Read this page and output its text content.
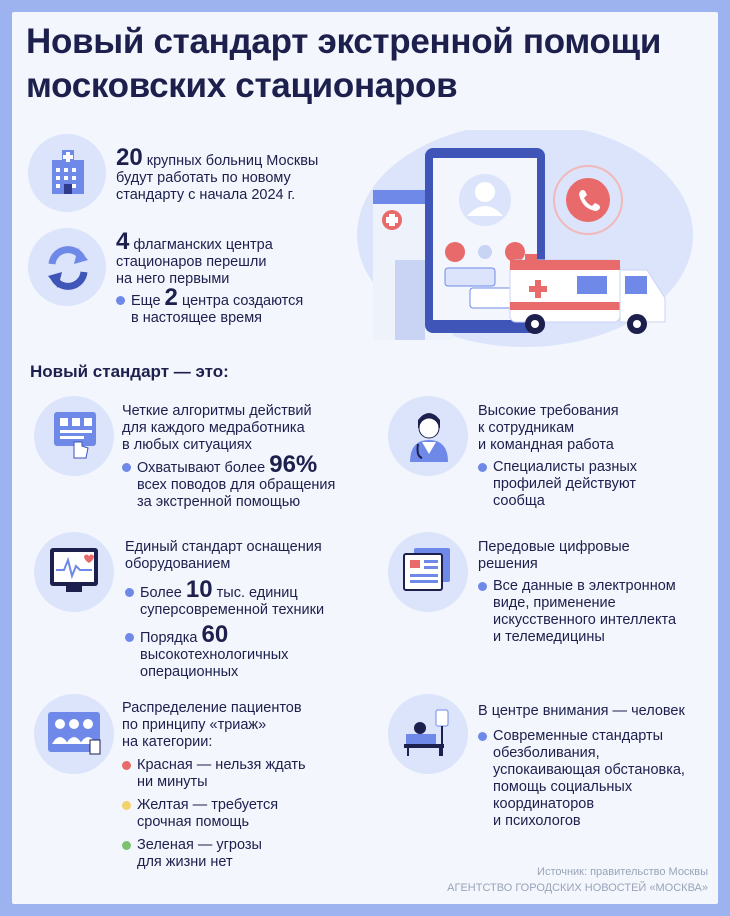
Новый стандарт экстренной помощи московских стационаров
20 крупных больниц Москвы
будут работать по новому
стандарту с начала 2024 г.
4 флагманских центра
стационаров перешли
на него первыми
Еще 2 центра создаются
в настоящее время
Новый стандарт — это:
Четкие алгоритмы действий
для каждого медработника
в любых ситуациях
Охватывают более 96%
всех поводов для обращения
за экстренной помощью
Высокие требования
к сотрудникам
и командная работа
Специалисты разных
профилей действуют
сообща
Единый стандарт оснащения
оборудованием
Более 10 тыс. единиц
суперсовременной техники
Порядка 60
высокотехнологичных
операционных
Передовые цифровые
решения
Все данные в электронном
виде, применение
искусственного интеллекта
и телемедицины
Распределение пациентов
по принципу «триаж»
на категории:
Красная — нельзя ждать
ни минуты
Желтая — требуется
срочная помощь
Зеленая — угрозы
для жизни нет
В центре внимания — человек
Современные стандарты
обезболивания,
успокаивающая обстановка,
помощь социальных
координаторов
и психологов
Источник: правительство Москвы
АГЕНТСТВО ГОРОДСКИХ НОВОСТЕЙ «МОСКВА»
